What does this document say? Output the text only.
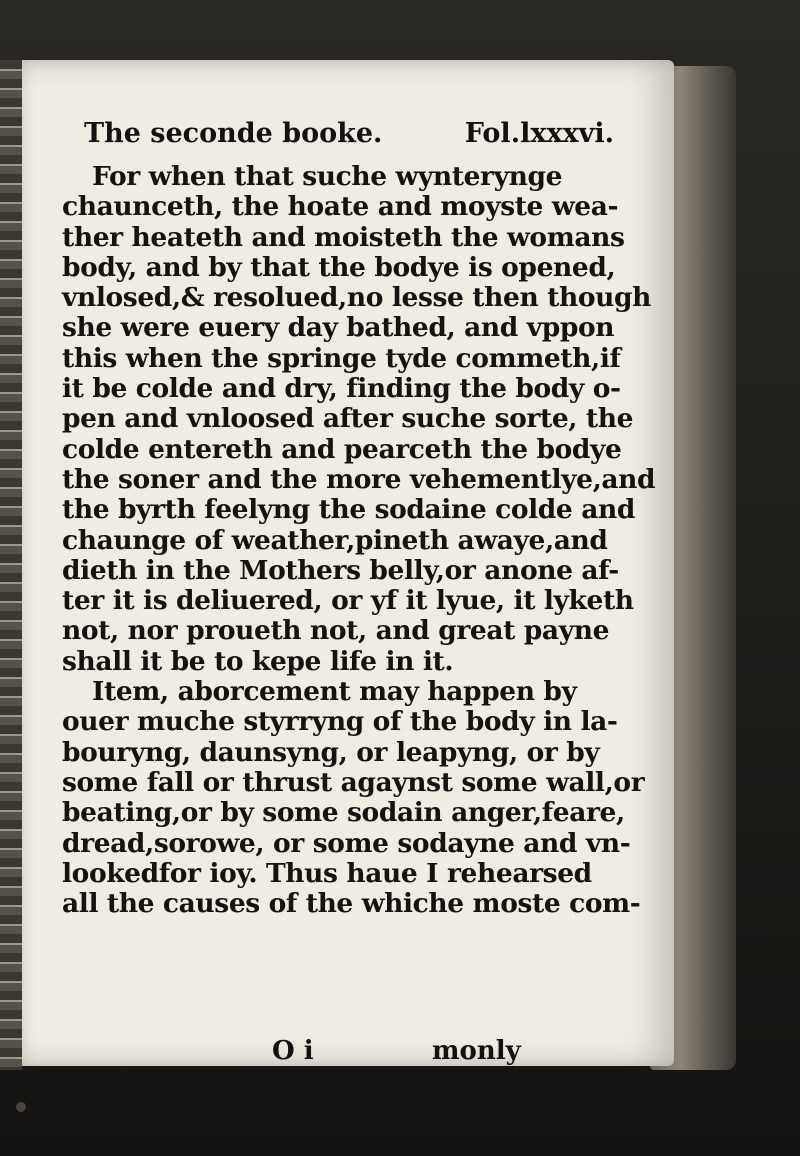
The seconde booke.	Fol.lxxxvi.
For when that suche wynterynge
chaunceth, the hoate and moyste wea-
ther heateth and moisteth the womans
body, and by that the bodye is opened,
vnlosed,& resolued,no lesse then though
she were euery day bathed, and vppon
this when the springe tyde commeth,if
it be colde and dry, finding the body o-
pen and vnloosed after suche sorte, the
colde entereth and pearceth the bodye
the soner and the more vehementlye,and
the byrth feelyng the sodaine colde and
chaunge of weather,pineth awaye,and
dieth in the Mothers belly,or anone af-
ter it is deliuered, or yf it lyue, it lyketh
not, nor proueth not, and great payne
shall it be to kepe life in it.
Item, aborcement may happen by
ouer muche styrryng of the body in la-
bouryng, daunsyng, or leapyng, or by
some fall or thrust agaynst some wall,or
beating,or by some sodain anger,feare,
dread,sorowe, or some sodayne and vn-
lookedfor ioy. Thus haue I rehearsed
all the causes of the whiche moste com-
O i	monly
